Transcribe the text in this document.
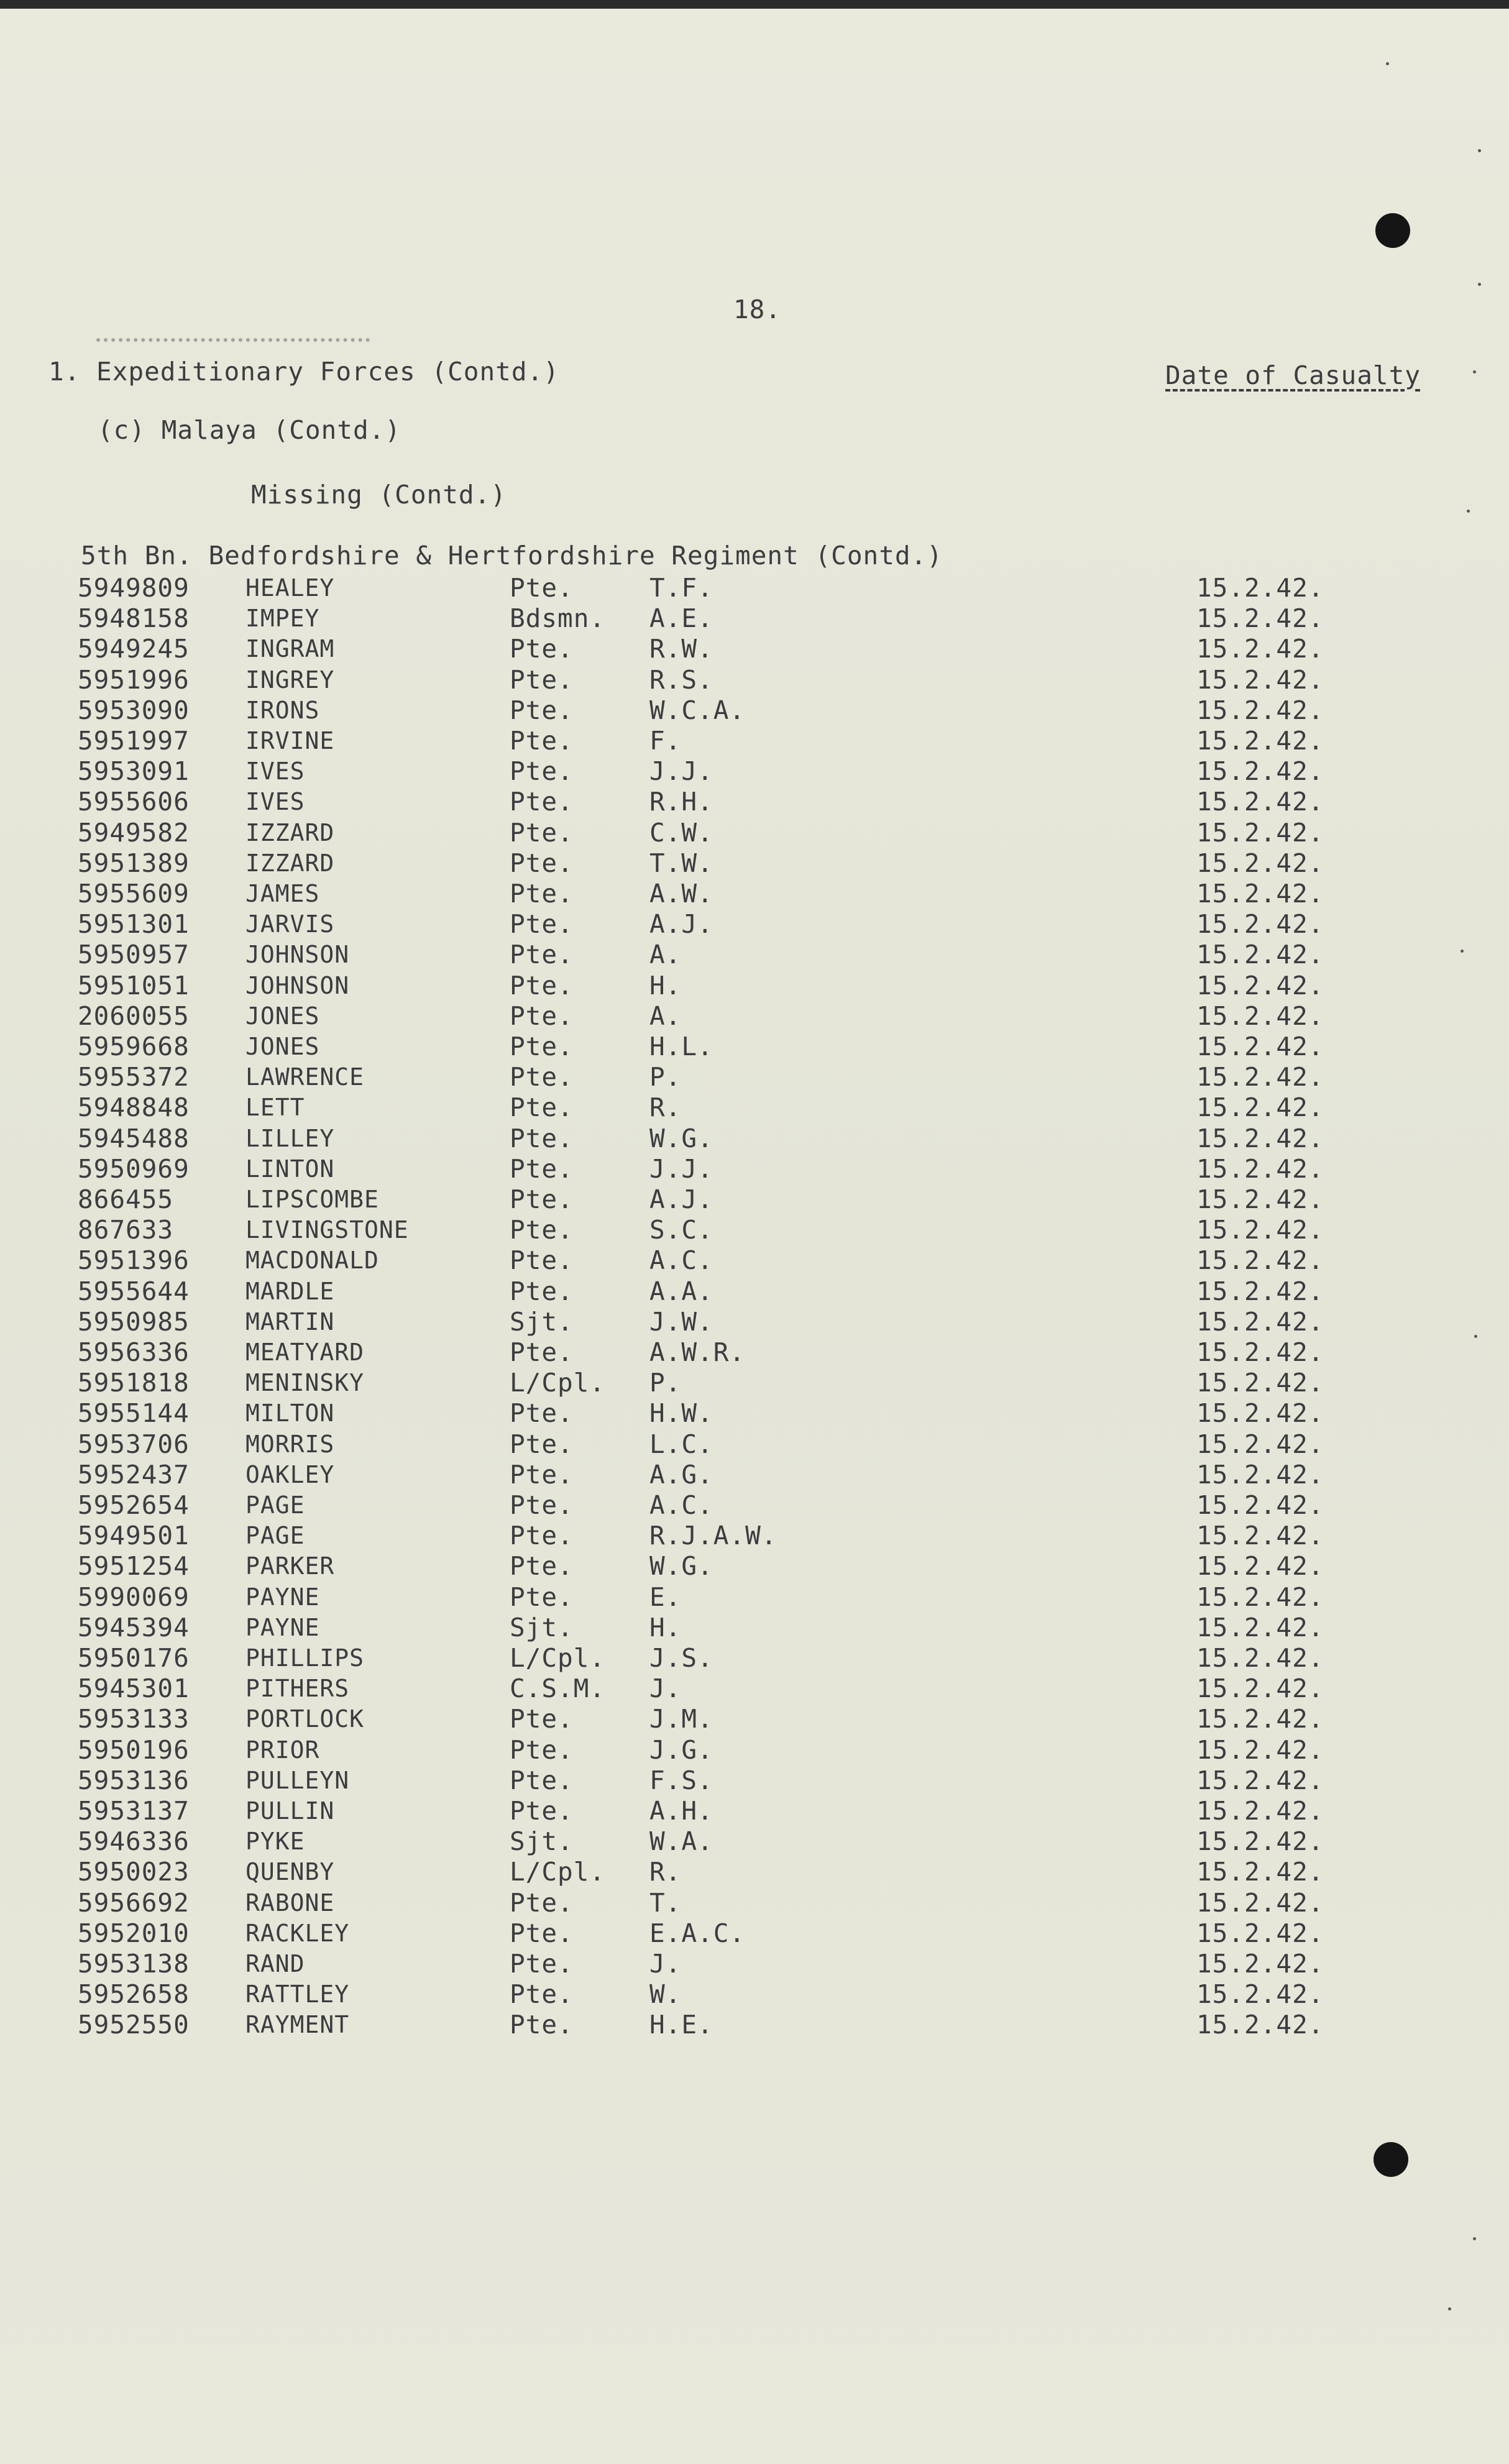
18.
1. Expeditionary Forces (Contd.)	Date of Casualty
(c) Malaya (Contd.)
Missing (Contd.)
5th Bn. Bedfordshire & Hertfordshire Regiment (Contd.)
5949809 HEALEY	Pte.	T.F.	15.2.42.
5948158 IMPEY	Bdsmn. A.E.	15.2.42.
5949245 INGRAM	Pte.	R.W.	15.2.42.
5951996 INGREY	Pte.	R.S.	15.2.42.
5953090 IRONS	Pte.	W.C.A.	15.2.42.
5951997 IRVINE	Pte.	F.	15.2.42.
5953091 IVES	Pte.	J.J.	15.2.42.
5955606 IVES	Pte.	R.H.	15.2.42.
5949582 IZZARD	Pte.	C.W.	15.2.42.
5951389 IZZARD	Pte.	T.W.	15.2.42.
5955609 JAMES	Pte.	A.W.	15.2.42.
5951301 JARVIS	Pte.	A.J.	15.2.42.
5950957 JOHNSON	Pte.	A.	15.2.42.
5951051 JOHNSON	Pte.	H.	15.2.42.
2060055 JONES	Pte.	A.	15.2.42.
5959668 JONES	Pte.	H.L.	15.2.42.
5955372 LAWRENCE	Pte.	P.	15.2.42.
5948848 LETT	Pte.	R.	15.2.42.
5945488 LILLEY	Pte.	W.G.	15.2.42.
5950969 LINTON	Pte.	J.J.	15.2.42.
866455	LIPSCOMBE	Pte.	A.J.	15.2.42.
867633	LIVINGSTONE	Pte.	S.C.	15.2.42.
5951396 MACDONALD	Pte.	A.C.	15.2.42.
5955644 MARDLE	Pte.	A.A.	15.2.42.
5950985 MARTIN	Sjt.	J.W.	15.2.42.
5956336 MEATYARD	Pte.	A.W.R.	15.2.42.
5951818 MENINSKY	L/Cpl. P.	15.2.42.
5955144 MILTON	Pte.	H.W.	15.2.42.
5953706 MORRIS	Pte.	L.C.	15.2.42.
5952437 OAKLEY	Pte.	A.G.	15.2.42.
5952654 PAGE	Pte.	A.C.	15.2.42.
5949501 PAGE	Pte.	R.J.A.W.	15.2.42.
5951254 PARKER	Pte.	W.G.	15.2.42.
5990069 PAYNE	Pte.	E.	15.2.42.
5945394 PAYNE	Sjt.	H.	15.2.42.
5950176 PHILLIPS	L/Cpl. J.S.	15.2.42.
5945301 PITHERS	C.S.M. J.	15.2.42.
5953133 PORTLOCK	Pte.	J.M.	15.2.42.
5950196 PRIOR	Pte.	J.G.	15.2.42.
5953136 PULLEYN	Pte.	F.S.	15.2.42.
5953137 PULLIN	Pte.	A.H.	15.2.42.
5946336 PYKE	Sjt.	W.A.	15.2.42.
5950023 QUENBY	L/Cpl. R.	15.2.42.
5956692 RABONE	Pte.	T.	15.2.42.
5952010 RACKLEY	Pte.	E.A.C.	15.2.42.
5953138 RAND	Pte.	J.	15.2.42.
5952658 RATTLEY	Pte.	W.	15.2.42.
5952550 RAYMENT	Pte.	H.E.	15.2.42.
